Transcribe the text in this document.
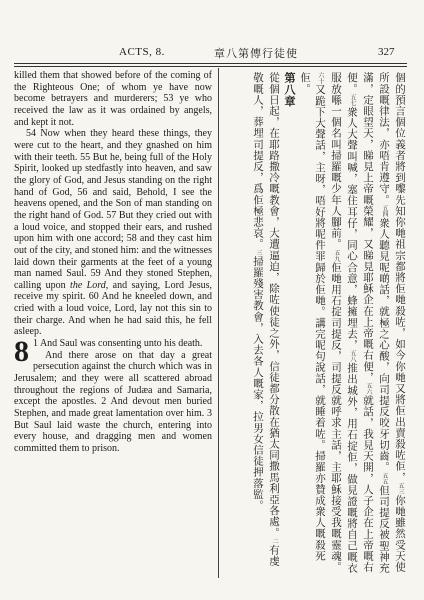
ACTS, 8.	章八第傳行徒使	327

killed them that showed before of the coming of the Righteous One; of whom ye have now become betrayers and murderers; 53 ye who received the law as it was ordained by angels, and kept it not.

54 Now when they heard these things, they were cut to the heart, and they gnashed on him with their teeth. 55 But he, being full of the Holy Spirit, looked up stedfastly into heaven, and saw the glory of God, and Jesus standing on the right hand of God, 56 and said, Behold, I see the heavens opened, and the Son of man standing on the right hand of God. 57 But they cried out with a loud voice, and stopped their ears, and rushed upon him with one accord; 58 and they cast him out of the city, and stoned him: and the witnesses laid down their garments at the feet of a young man named Saul. 59 And they stoned Stephen, calling upon the Lord, and saying, Lord Jesus, receive my spirit. 60 And he kneeled down, and cried with a loud voice, Lord, lay not this sin to their charge. And when he had said this, he fell asleep.

8 1 And Saul was consenting unto his death.

And there arose on that day a great persecution against the church which was in Jerusalem; and they were all scattered abroad throughout the regions of Judæa and Samaria, except the apostles. 2 And devout men buried Stephen, and made great lamentation over him. 3 But Saul laid waste the church, entering into every house, and dragging men and women committed them to prison.	個的預言個位義者將到嚟先知你哋祖宗都將佢哋殺咗，如今你哋又將佢出賣殺咗佢，五三你哋雖然受天使所設嘅律法，亦唔肯遵守。五四衆人聽見呢啲話，就極之心酸，向司提反咬牙切齒。五五但司提反被聖神充滿，定眼望天，睇見上帝嘅榮耀，又睇見耶穌企在上帝嘅右便，五六就話，我見天開，人子企在上帝嘅右便。五七衆人大聲叫喊，塞住耳仔，同心合意，蜂擁埋去，五八推出城外，用石掟佢，做見證嘅將自己嘅衣服放喺一個名叫掃羅嘅少年人腳前。五九佢哋用石掟司提反，司提反就呼求主話，主耶穌接受我嘅靈魂。六十又跪下大聲話，主呀，唔好將呢件罪歸於佢哋。講完呢句說話，就睡着咗。掃羅亦贊成衆人嘅殺死佢。

第八章

從個日起，在耶路撒冷嘅教會，大遭逼迫，除咗使徒之外，信徒都分散在猶太同撒馬利亞各處。二有虔敬嘅人，葬埋司提反，爲佢極悲哀。三掃羅殘害教會，入去各人嘅家，拉男女信徒押落監。
